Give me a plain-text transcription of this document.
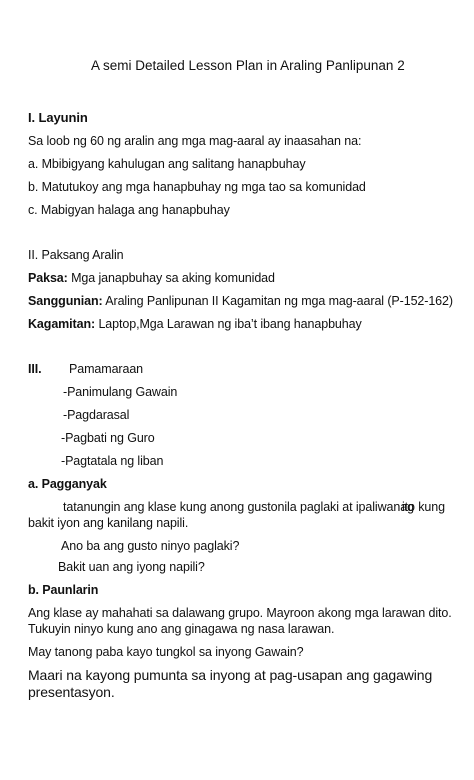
A semi Detailed Lesson Plan in Araling Panlipunan 2
I. Layunin
Sa loob ng 60 ng aralin ang mga mag-aaral ay inaasahan na:
a. Mbibigyang kahulugan ang salitang hanapbuhay
b. Matutukoy ang mga hanapbuhay ng mga tao sa komunidad
c. Mabigyan halaga ang hanapbuhay
II. Paksang Aralin
Paksa: Mga janapbuhay sa aking komunidad
Sanggunian: Araling Panlipunan II Kagamitan ng mga mag-aaral (P-152-162)
Kagamitan: Laptop,Mga Larawan ng iba’t ibang hanapbuhay
III. Pamamaraan
-Panimulang Gawain
-Pagdarasal
-Pagbati ng Guro
-Pagtatala ng liban
a. Pagganyak
tatanungin ang klase kung anong gustonila paglaki at ipaliwanag
ito kung
bakit iyon ang kanilang napili.
Ano ba ang gusto ninyo paglaki?
Bakit uan ang iyong napili?
b. Paunlarin
Ang klase ay mahahati sa dalawang grupo. Mayroon akong mga larawan dito.
Tukuyin ninyo kung ano ang ginagawa ng nasa larawan.
May tanong paba kayo tungkol sa inyong Gawain?
Maari na kayong pumunta sa inyong at pag-usapan ang gagawing
presentasyon.
